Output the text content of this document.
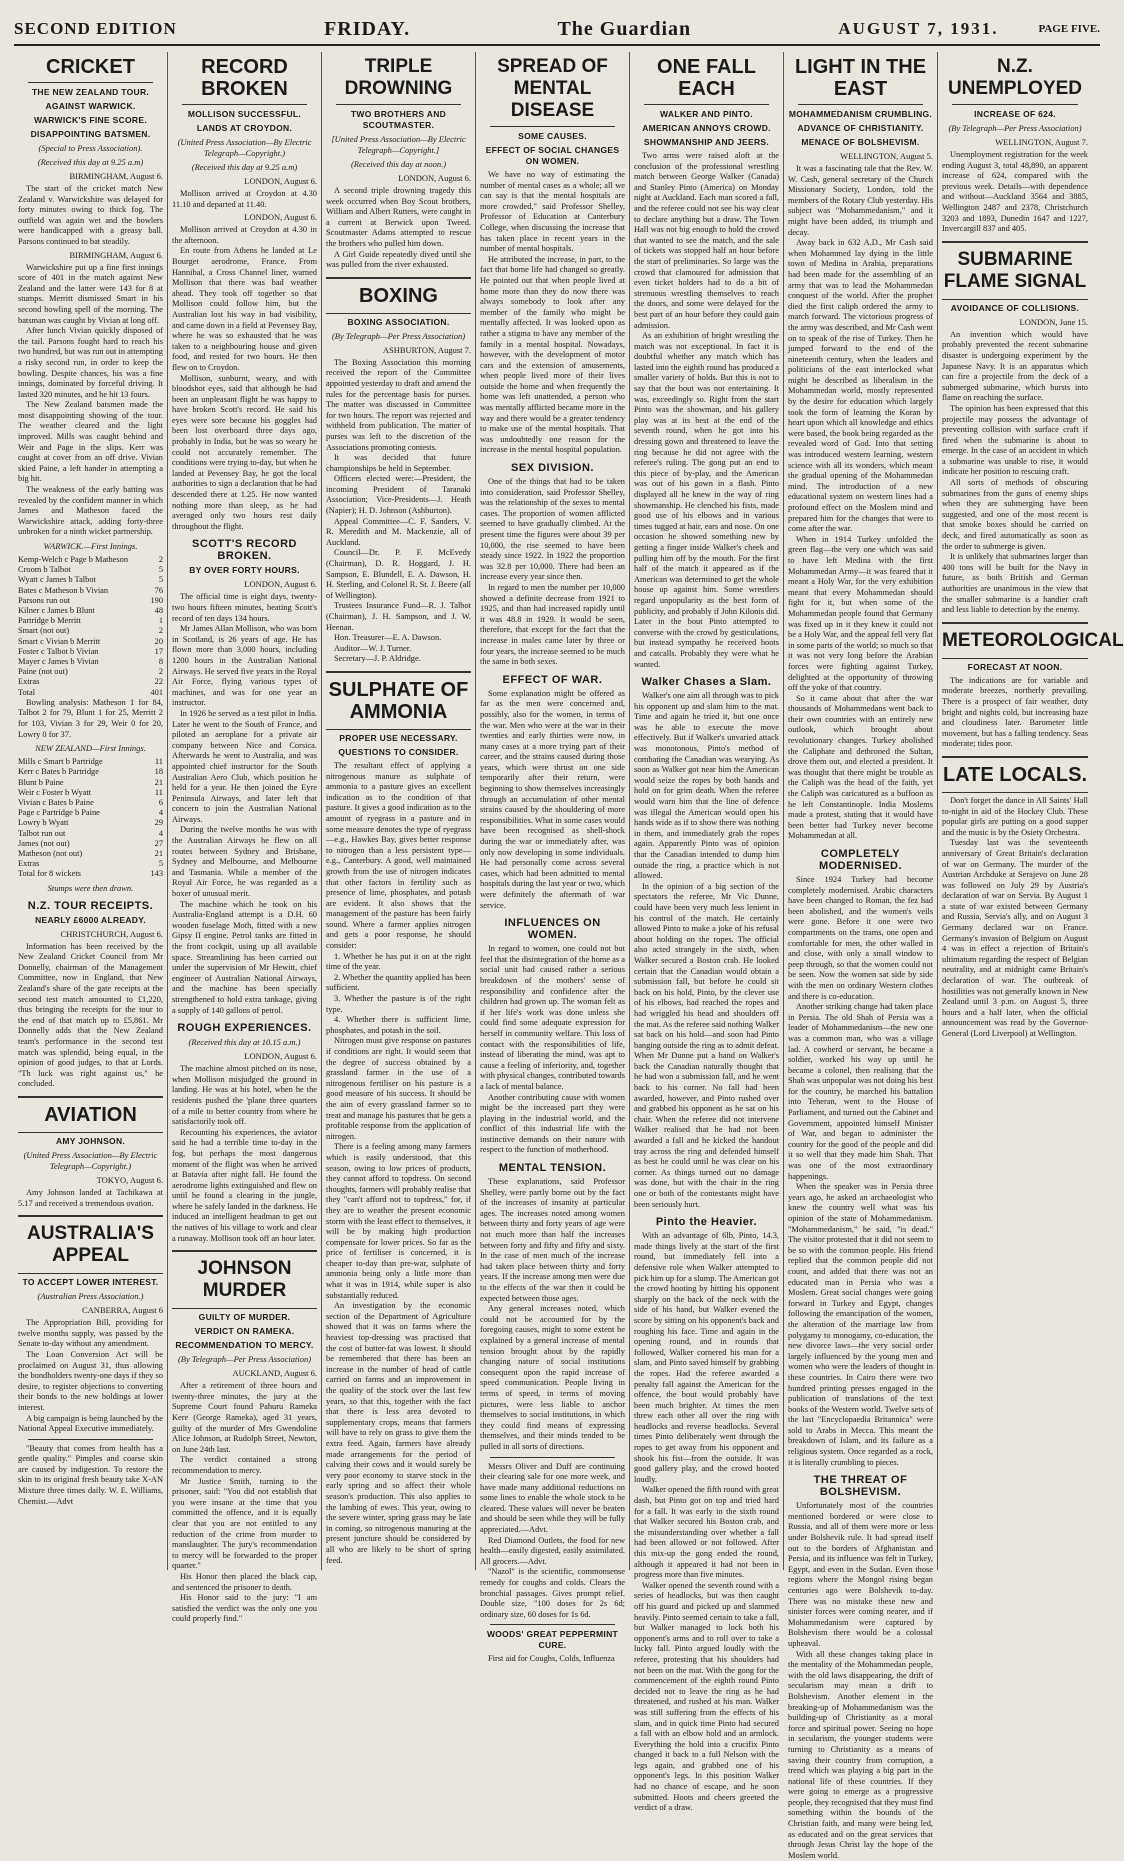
SECOND EDITION	FRIDAY.	The Guardian	AUGUST 7, 1931.	PAGE FIVE.
CRICKET
THE NEW ZEALAND TOUR.
AGAINST WARWICK.
WARWICK'S FINE SCORE.
DISAPPOINTING BATSMEN.
(Special to Press Association).
(Received this day at 9.25 a.m)
BIRMINGHAM, August 6.

The start of the cricket match New Zealand v. Warwickshire was delayed for forty minutes owing to thick fog. The outfield was again wet and the bowlers were handicapped with a greasy ball. Parsons continued to bat steadily.

BIRMINGHAM, August 6.

Warwickshire put up a fine first innings score of 401 in the match against New Zealand and the latter were 143 for 8 at stumps. Merritt dismissed Smart in his second bowling spell of the morning. The batsman was caught by Vivian at long off.

After lunch Vivian quickly disposed of the tail. Parsons fought hard to reach his two hundred, but was run out in attempting a risky second run, in order to keep the bowling. Despite chances, his was a fine innings, dominated by forceful driving. It lasted 320 minutes, and he hit 13 fours.

The New Zealand batsmen made the most disappointing showing of the tour. The weather cleared and the light improved. Mills was caught behind and Weir and Page in the slips. Kerr was caught at cover from an off drive. Vivian skied Paine, a left hander in attempting a big hit.

The weakness of the early batting was revealed by the confident manner in which James and Matheson faced the Warwickshire attack, adding forty-three unbroken for a ninth wicket partnership.

WARWICK.—First Innings.
Kemp-Welch c Page b Matheson	2
Croom b Talbot	5
Wyatt c James b Talbot	5
Bates c Matheson b Vivian	76
Parsons run out	190
Kilner c James b Blunt	48
Partridge b Merritt	1
Smart (not out)	2
Smart c Vivian b Merritt	20
Foster c Talbot b Vivian	17
Mayer c James b Vivian	8
Paine (not out)	2
Extras	22
Total	401

Bowling analysis: Matheson 1 for 84, Talbot 2 for 79, Blunt 1 for 25, Merritt 2 for 103, Vivian 3 for 29, Weir 0 for 20, Lowry 0 for 37.

NEW ZEALAND—First Innings.
Mills c Smart b Partridge	11
Kerr c Bates b Partridge	18
Blunt b Paine	21
Weir c Foster b Wyatt	11
Vivian c Bates b Paine	6
Page c Partridge b Paine	4
Lowry b Wyatt	29
Talbot run out	4
James (not out)	27
Matheson (not out)	21
Extras	5
Total for 8 wickets	143
Stumps were then drawn.
N.Z. TOUR RECEIPTS.
NEARLY £6000 ALREADY.
CHRISTCHURCH, August 6.

Information has been received by the New Zealand Cricket Council from Mr Donnelly, chairman of the Management Committee, now in England, that New Zealand's share of the gate receipts at the second test match amounted to £1,220, thus bringing the receipts for the tour to the end of that match up to £5,861. Mr Donnelly adds that the New Zealand team's performance in the second test match was splendid, being equal, in the opinion of good judges, to that at Lords. "Th luck was right against us," he concluded.

AVIATION
AMY JOHNSON.
(United Press Association—By Electric Telegraph—Copyright.)
TOKYO, August 6.

Amy Johnson landed at Tachikawa at 5.17 and received a tremendous ovation.

AUSTRALIA'S APPEAL
TO ACCEPT LOWER INTEREST.
(Australian Press Association.)
CANBERRA, August 6

The Appropriation Bill, providing for twelve months supply, was passed by the Senate to-day without any amendment.

The Loan Conversion Act will be proclaimed on August 31, thus allowing the bondholders twenty-one days if they so desire, to register objections to converting their bonds to the new holdings at lower interest.

A big campaign is being launched by the National Appeal Executive immediately.

"Beauty that comes from health has a gentle quality." Pimples and coarse skin are caused by indigestion. To restore the skin to its original fresh beauty take X-AN Mixture three times daily. W. E. Williams, Chemist.—Advt

RECORD BROKEN
MOLLISON SUCCESSFUL.
LANDS AT CROYDON.
(United Press Association—By Electric Telegraph—Copyright.)
(Received this day at 9.25 a.m)
LONDON, August 6.

Mollison arrived at Croydon at 4.30 11.10 and departed at 11.40.

LONDON, August 6.

Mollison arrived at Croydon at 4.30 in the afternoon.

En route from Athens he landed at Le Bourget aerodrome, France. From Hannibal, a Cross Channel liner, warned Mollison that there was bad weather ahead. They took off together so that Mollison could follow him, but the Australian lost his way in bad visibility, and came down in a field at Pevensey Bay, where he was so exhausted that he was taken to a neighbouring house and given food, and rested for two hours. He then flew on to Croydon.

Mollison, sunburnt, weary, and with bloodshot eyes, said that although he had been an unpleasant flight he was happy to have broken Scott's record. He said his eyes were sore because his goggles had been lost overboard three days ago, probably in India, but he was so weary he could not accurately remember. The conditions were trying to-day, but when he landed at Pevensey Bay, he got the local authorities to sign a declaration that he had descended there at 1.25. He now wanted nothing more than sleep, as he had averaged only two hours rest daily throughout the flight.

SCOTT'S RECORD BROKEN.
BY OVER FORTY HOURS.
LONDON, August 6.

The official time is eight days, twenty-two hours fifteen minutes, beating Scott's record of ten days 134 hours.

Mr James Allan Mollison, who was born in Scotland, is 26 years of age. He has flown more than 3,000 hours, including 1200 hours in the Australian National Airways. He served five years in the Royal Air Force, flying various types of machines, and was for one year an instructor.

In 1926 he served as a test pilot in India. Later he went to the South of France, and piloted an aeroplane for a private air company between Nice and Corsica. Afterwards he went to Australia, and was appointed chief instructor for the South Australian Aero Club, which position he held for a year. He then joined the Eyre Peninsula Airways, and later left that concern to join the Australian National Airways.

During the twelve months he was with the Australian Airways he flew on all routes between Sydney and Brisbane, Sydney and Melbourne, and Melbourne and Tasmania. While a member of the Royal Air Force, he was regarded as a boxer of unusual merit.

The machine which he took on his Australia-England attempt is a D.H. 60 wooden fuselage Moth, fitted with a new Gipsy II engine. Petrol tanks are fitted in the front cockpit, using up all available space. Streamlining has been carried out under the supervision of Mr Hewitt, chief engineer of Australian National Airways, and the machine has been specially strengthened to hold extra tankage, giving a supply of 140 gallons of petrol.

ROUGH EXPERIENCES.
(Received this day at 10.15 a.m.)
LONDON, August 6.

The machine almost pitched on its nose, when Mollison misjudged the ground in landing. He was at his hotel, when he the residents pushed the 'plane three quarters of a mile to better country from where he satisfactorily took off.

Recounting his experiences, the aviator said he had a terrible time to-day in the fog, but perhaps the most dangerous moment of the flight was when he arrived at Batavia after night fall. He found the aerodrome lights extinguished and flew on until he found a clearing in the jungle, where he safely landed in the darkness. He induced an intelligent headman to get out the natives of his village to work and clear a runaway. Mollison took off an hour later.

JOHNSON MURDER
GUILTY OF MURDER.
VERDICT ON RAMEKA.
RECOMMENDATION TO MERCY.
(By Telegraph—Per Press Association)
AUCKLAND, August 6.

After a retirement of three hours and twenty-three minutes, the jury at the Supreme Court found Pahuru Rameka Kere (George Rameka), aged 31 years, guilty of the murder of Mrs Gwendoline Alice Johnson, at Rudolph Street, Newton, on June 24th last.

The verdict contained a strong recommendation to mercy.

Mr Justice Smith, turning to the prisoner, said: "You did not establish that you were insane at the time that you committed the offence, and it is equally clear that you are not entitled to any reduction of the crime from murder to manslaughter. The jury's recommendation to mercy will be forwarded to the proper quarter."

His Honor then placed the black cap, and sentenced the prisoner to death.

His Honor said to the jury: "I am satisfied the verdict was the only one you could properly find."

TRIPLE DROWNING
TWO BROTHERS AND SCOUTMASTER.
[United Press Association—By Electric Telegraph—Copyright.]
(Received this day at noon.)
LONDON, August 6.

A second triple drowning tragedy this week occurred when Boy Scout brothers, William and Albert Rutters, were caught in a current at Berwick upon Tweed. Scoutmaster Adams attempted to rescue the brothers who pulled him down.

A Girl Guide repeatedly dived until she was pulled from the river exhausted.

BOXING
BOXING ASSOCIATION.
(By Telegraph—Per Press Association)
ASHBURTON, August 7.

The Boxing Association this morning received the report of the Committee appointed yesterday to draft and amend the rules for the percentage basis for purses. The matter was discussed in Committee for two hours. The report was rejected and withheld from publication. The matter of purses was left to the discretion of the Associations promoting contests.

It was decided that future championships be held in September.

Officers elected were:—President, the incoming President of Taranaki Association; Vice-Presidents—J. Heath (Napier); H. D. Johnson (Ashburton).

Appeal Committee—C. F. Sanders, V. R. Meredith and M. Mackenzie, all of Auckland.

Council—Dr. P. F. McEvedy (Chairman), D. R. Hoggard, J. H. Sampson, E. Blundell, E. A. Dawson, H. H. Sterling, and Colonel R. St. J. Beere (all of Wellington).

Trustees Insurance Fund—R. J. Talbot (Chairman), J. H. Sampson, and J. W. Heenan.

Hon. Treasurer—E. A. Dawson.

Auditor—W. J. Turner.

Secretary—J. P. Aldridge.

SULPHATE OF AMMONIA
PROPER USE NECESSARY.
QUESTIONS TO CONSIDER.

The resultant effect of applying a nitrogenous manure as sulphate of ammonia to a pasture gives an excellent indication as to the condition of that pasture. It gives a good indication as to the amount of ryegrass in a pasture and in some measure denotes the type of ryegrass—e.g., Hawkes Bay, gives better response to nitrogen than a less persistent type—e.g., Canterbury. A good, well maintained growth from the use of nitrogen indicates that other factors in fertility such as presence of lime, phosphates, and potash are evident. It also shows that the management of the pasture has been fairly sound. Where a farmer applies nitrogen and gets a poor response, he should consider:

1. Whether he has put it on at the right time of the year.

2. Whether the quantity applied has been sufficient.

3. Whether the pasture is of the right type.

4. Whether there is sufficient lime, phosphates, and potash in the soil.

Nitrogen must give response on pastures if conditions are right. It would seem that the degree of success obtained by a grassland farmer in the use of a nitrogenous fertiliser on his pasture is a good measure of his success. It should be the aim of every grassland farmer so to treat and manage his pastures that he gets a profitable response from the application of nitrogen.

There is a feeling among many farmers which is easily understood, that this season, owing to low prices of products, they cannot afford to topdress. On second thoughts, farmers will probably realise that they "can't afford not to topdress," for, if they are to weather the present economic storm with the least effect to themselves, it will be by making high production compensate for lower prices. So far as the price of fertiliser is concerned, it is cheaper to-day than pre-war, sulphate of ammonia being only a little more than what it was in 1914, while super is also substantially reduced.

An investigation by the economic section of the Department of Agriculture showed that it was on farms where the heaviest top-dressing was practised that the cost of butter-fat was lowest. It should be remembered that there has been an increase in the number of head of cattle carried on farms and an improvement in the quality of the stock over the last few years, so that this, together with the fact that there is less area devoted to supplementary crops, means that farmers will have to rely on grass to give them the extra feed. Again, farmers have already made arrangements for the period of calving their cows and it would surely be very poor economy to starve stock in the early spring and so affect their whole season's production. This also applies to the lambing of ewes. This year, owing to the severe winter, spring grass may be late in coming, so nitrogenous manuring at the present juncture should be considered by all who are likely to be short of spring feed.

SPREAD OF MENTAL DISEASE
SOME CAUSES.
EFFECT OF SOCIAL CHANGES ON WOMEN.

We have no way of estimating the number of mental cases as a whole; all we can say is that the mental hospitals are more crowded," said Professor Shelley, Professor of Education at Canterbury College, when discussing the increase that has taken place in recent years in the number of mental hospitals.

He attributed the increase, in part, to the fact that home life had changed so greatly. He pointed out that when people lived at home more than they do now there was always somebody to look after any member of the family who might be mentally affected. It was looked upon as rather a stigma to have any member of the family in a mental hospital. Nowadays, however, with the development of motor cars and the extension of amusements, when people lived more of their lives outside the home and when frequently the home was left unattended, a person who was mentally afflicted became more in the way and there would be a greater tendency to make use of the mental hospitals. That was undoubtedly one reason for the increase in the mental hospital population.

SEX DIVISION.

One of the things that had to be taken into consideration, said Professor Shelley, was the relationship of the sexes to mental cases. The proportion of women afflicted seemed to have gradually climbed. At the present time the figures were about 39 per 10,000, the rise seemed to have been steady since 1922. In 1922 the proportion was 32.8 per 10,000. There had been an increase every year since then.

In regard to men the number per 10,000 showed a definite decrease from 1921 to 1925, and than had increased rapidly until it was 48.8 in 1929. It would be seen, therefore, that except for the fact that the increase in males came later by three or four years, the increase seemed to be much the same in both sexes.

EFFECT OF WAR.

Some explanation might be offered as far as the men were concerned and, possibly, also for the women, in terms of the war. Men who were at the war in their twenties and early thirties were now, in many cases at a more trying part of their career, and the strains caused during those years, which were thrust on one side temporarily after their return, were beginning to show themselves increasingly through an accumulation of other mental strains caused by the shouldering of more responsibilities. What in some cases would have been recognised as shell-shock during the war or immediately after, was only now developing in some individuals. He had personally come across several cases, which had been admitted to mental hospitals during the last year or two, which were definitely the aftermath of war service.

INFLUENCES ON WOMEN.

In regard to women, one could not but feel that the disintegration of the home as a social unit had caused rather a serious breakdown of the mothers' sense of responsibility and confidence after the children had grown up. The woman felt as if her life's work was done unless she could find some adequate expression for herself in community welfare. This loss of contact with the responsibilities of life, instead of liberating the mind, was apt to cause a feeling of inferiority, and, together with physical changes, contributed towards a lack of mental balance.

Another contributing cause with women might be the increased part they were playing in the industrial world, and the conflict of this industrial life with the instinctive demands on their nature with respect to the function of motherhood.

MENTAL TENSION.

These explanations, said Professor Shelley, were partly borne out by the fact of the increases of insanity at particular ages. The increases noted among women between thirty and forty years of age were not much more than half the increases between forty and fifty and fifty and sixty. In the case of men much of the increase had taken place between thirty and forty years. If the increase among men were due to the effects of the war then it could be expected between those ages.

Any general increases noted, which could not be accounted for by the foregoing causes, might to some extent be explained by a general increase of mental tension brought about by the rapidly changing nature of social institutions consequent upon the rapid increase of speed communication. People living in terms of speed, in terms of moving pictures, were less liable to anchor themselves to social institutions, in which they could find means of expressing themselves, and their minds tended to be pulled in all sorts of directions.

Messrs Oliver and Duff are continuing their clearing sale for one more week, and have made many additional reductions on some lines to enable the whole stock to be cleared. These values will never be beaten and should be seen while they will be fully appreciated.—Advt.

Red Diamond Outlets, the food for new health—easily digested, easily assimilated. All grocers.—Advt.

"Nazol" is the scientific, commonsense remedy for coughs and colds. Clears the bronchial passages. Gives prompt relief. Double size, "100 doses for 2s 6d; ordinary size, 60 doses for 1s 6d.

WOODS' GREAT PEPPERMINT CURE.

First aid for Coughs, Colds, Influenza

ONE FALL EACH
WALKER AND PINTO.
AMERICAN ANNOYS CROWD.
SHOWMANSHIP AND JEERS.

Two arms were raised aloft at the conclusion of the professional wrestling match between George Walker (Canada) and Stanley Pinto (America) on Monday night at Auckland. Each man scored a fall, and the referee could not see his way clear to declare anything but a draw. The Town Hall was not big enough to hold the crowd that wanted to see the match, and the sale of tickets was stopped half an hour before the start of preliminaries. So large was the crowd that clamoured for admission that even ticket holders had to do a bit of strenuous wrestling themselves to reach the doors, and some were delayed for the best part of an hour before they could gain admission.

As an exhibition of bright wrestling the match was not exceptional. In fact it is doubtful whether any match which has lasted into the eighth round has produced a smaller variety of holds. But this is not to say that the bout was not entertaining. It was, exceedingly so. Right from the start Pinto was the showman, and his gallery play was at its best at the end of the seventh round, when he got into his dressing gown and threatened to leave the ring because he did not agree with the referee's ruling. The gong put an end to this piece of by-play, and the American was out of his gown in a flash. Pinto displayed all he knew in the way of ring showmanship. He clenched his fists, made good use of his elbows and in various times tugged at hair, ears and nose. On one occasion he showed something new by getting a finger inside Walker's cheek and pulling him off by the mouth. For the first half of the match it appeared as if the American was determined to get the whole house up against him. Some wrestlers regard unpopularity as the best form of publicity, and probably if John Kilonis did. Later in the bout Pinto attempted to converse with the crowd by gesticulations, but instead sympathy he received hoots and catcalls. Probably they were what he wanted.

Walker Chases a Slam.

Walker's one aim all through was to pick his opponent up and slam him to the mat. Time and again he tried it, but one once was he able to execute the move effectively. But if Walker's unvaried attack was monotonous, Pinto's method of combating the Canadian was wearying. As soon as Walker got near him the American would seize the ropes by both hands and hold on for grim death. When the referee would warn him that the line of defence was illegal the American would open his hands wide as if to show there was nothing in them, and immediately grab the ropes again. Apparently Pinto was of opinion that the Canadian intended to dump him outside the ring, a practice which is not allowed.

In the opinion of a big section of the spectators the referee, Mr Vic Dunne, could have been very much less lenient in his control of the match. He certainly allowed Pinto to make a joke of his refusal about holding on the ropes. The official also acted strangely in the sixth, when Walker secured a Boston crab. He looked certain that the Canadian would obtain a submission fall, but before he could sit back on his hold, Pinto, by the clever use of his elbows, had reached the ropes and had wriggled his head and shoulders off the mat. As the referee said nothing Walker sat back on his hold—and soon had Pinto banging outside the ring as to admit defeat. When Mr Dunne put a hand on Walker's back the Canadian naturally thought that he had won a submission fall, and he went back to his corner. No fall had been awarded, however, and Pinto rushed over and grabbed his opponent as he sat on his chair. When the referee did not intervene Walker realised that he had not been awarded a fall and he kicked the handout tray across the ring and defended himself as best he could until he was clear on his corner. As things turned out no damage was done, but with the chair in the ring one or both of the contestants might have been seriously hurt.

Pinto the Heavier.

With an advantage of 6lb, Pinto, 14.3, made things lively at the start of the first round, but immediately fell into a defensive role when Walker attempted to pick him up for a slump. The American got the crowd hooting by hitting his opponent sharply on the back of the neck with the side of his hand, but Walker evened the score by sitting on his opponent's back and roughing his face. Time and again in the opening round, and in rounds that followed, Walker cornered his man for a slam, and Pinto saved himself by grabbing the ropes. Had the referee awarded a penalty fall against the American for the offence, the bout would probably have been much brighter. At times the men threw each other all over the ring with headlocks and reverse headlocks. Several times Pinto deliberately went through the ropes to get away from his opponent and shook his fist—from the outside. It was good gallery play, and the crowd hooted loudly.

Walker opened the fifth round with great dash, but Pinto got on top and tried hard for a fall. It was early in the sixth round that Walker secured his Boston crab, and the misunderstanding over whether a fall had been allowed or not followed. After this mix-up the gong ended the round, although it appeared it had not been in progress more than five minutes.

Walker opened the seventh round with a series of headlocks, but was then caught off his guard and picked up and slammed heavily. Pinto seemed certain to take a fall, but Walker managed to lock both his opponent's arms and to roll over to take a lucky fall. Pinto argued loudly with the referee, protesting that his shoulders had not been on the mat. With the gong for the commencement of the eighth round Pinto decided not to leave the ring as he had threatened, and rushed at his man. Walker was still suffering from the effects of his slam, and in quick time Pinto had secured a fall with an elbow hold and an armlock. Everything the hold into a crucifix Pinto changed it back to a full Nelson with the legs again, and grabbed one of his opponent's legs. In this position Walker had no chance of escape, and he soon submitted. Hoots and cheers greeted the verdict of a draw.

LIGHT IN THE EAST
MOHAMMEDANISM CRUMBLING.
ADVANCE OF CHRISTIANITY.
MENACE OF BOLSHEVISM.
WELLINGTON, August 5.

It was a fascinating tale that the Rev. W. W. Cash, general secretary of the Church Missionary Society, London, told the members of the Rotary Club yesterday. His subject was "Mohammedanism," and it might have been added, its triumph and decay.

Away back in 632 A.D., Mr Cash said when Mohammed lay dying in the little town of Medina in Arabia, preparations had been made for the assembling of an army that was to lead the Mohammedan conquest of the world. After the prophet died the first caliph ordered the army to march forward. The victorious progress of the army was described, and Mr Cash went on to speak of the rise of Turkey. Then he jumped forward to the end of the nineteenth century, when the leaders and politicians of the east interlocked what might be described as liberalism in the Mohammedan world, mostly represented by the desire for education which largely took the form of learning the Koran by heart upon which all knowledge and ethics were based, the book being regarded as the revealed word of God. Into that setting was introduced western learning, western science with all its wonders, which meant the gradual opening of the Mohammedan mind. The introduction of a new educational system on western lines had a profound effect on the Moslem mind and prepared him for the changes that were to come after the war.

When in 1914 Turkey unfolded the green flag—the very one which was said to have left Medina with the first Mohammedan Army—it was feared that it meant a Holy War, for the very exhibition meant that every Mohammedan should fight for it, but when some of the Mohammedan people found that Germany was fixed up in it they knew it could not be a Holy War, and the appeal fell very flat in some parts of the world; so much so that it was not very long before the Arabian forces were fighting against Turkey, delighted at the opportunity of throwing off the yoke of that country.

So it came about that after the war thousands of Mohammedans went back to their own countries with an entirely new outlook, which brought about revolutionary changes. Turkey abolished the Caliphate and dethroned the Sultan, drove them out, and elected a president. It was thought that there might be trouble as the Caliph was the head of the faith, yet the Caliph was caricatured as a buffoon as he left Constantinople. India Moslems made a protest, stating that it would have been better had Turkey never become Mohammedan at all.

COMPLETELY MODERNISED.

Since 1924 Turkey had become completely modernised. Arabic characters have been changed to Roman, the fez had been abolished, and the women's veils were gone. Before it one were two compartments on the trams, one open and comfortable for men, the other walled in and close, with only a small window to peep through, so that the women could not be seen. Now the women sat side by side with the men on ordinary Western clothes and there is co-education.

Another striking change had taken place in Persia. The old Shah of Persia was a leader of Mohammedanism—the new one was a common man, who was a village lad. A cowherd or servant, he became a soldier, worked his way up until he became a colonel, then realising that the Shah was unpopular was not doing his best for the country, he marched his battalion into Teheran, went to the House of Parliament, and turned out the Cabinet and Government, appointed himself Minister of War, and began to administer the country for the good of the people and did it so well that they made him Shah. That was one of the most extraordinary happenings.

When the speaker was in Persia three years ago, he asked an archaeologist who knew the country well what was his opinion of the state of Mohammedanism. "Mohammedanism," he said, "is dead." The visitor protested that it did not seem to be so with the common people. His friend replied that the common people did not count, and added that there was not an educated man in Persia who was a Moslem. Great social changes were going forward in Turkey and Egypt, changes following the emancipation of the women, the alteration of the marriage law from polygamy to monogamy, co-education, the new divorce laws—the very social order largely influenced by the young men and women who were the leaders of thought in these countries. In Cairo there were two hundred printing presses engaged in the publication of translations of the text books of the Western world. Twelve sets of the last "Encyclopaedia Britannica" were sold to Arabs in Mecca. This meant the breakdown of Islam, and its failure as a religious system. Once regarded as a rock, it is literally crumbling to pieces.

THE THREAT OF BOLSHEVISM.

Unfortunately most of the countries mentioned bordered or were close to Russia, and all of them were more or less under Bolshevik rule. It had spread itself out to the borders of Afghanistan and Persia, and its influence was felt in Turkey, Egypt, and even in the Sudan. Even those regions where the Mongol rising began centuries ago were Bolshevik to-day. There was no mistake these new and sinister forces were coming nearer, and if Mohammedanism were captured by Bolshevism there would be a colossal upheaval.

With all these changes taking place in the mentality of the Mohammedan people, with the old laws disappearing, the drift of secularism may mean a drift to Bolshevism. Another element in the breaking-up of Mohammedanism was the building-up of Christianity as a moral force and spiritual power. Seeing no hope in secularism, the younger students were turning to Christianity as a means of saving their country from corruption, a trend which was playing a big part in the national life of these countries. If they were going to emerge as a progressive people, they recognised that they must find something within the bounds of the Christian faith, and many were being led, as educated and on the great services that through Jesus Christ lay the hope of the Moslem world.

N.Z. UNEMPLOYED
INCREASE OF 624.
(By Telegraph—Per Press Association)
WELLINGTON, August 7.

Unemployment registration for the week ending August 3, total 48,890, an apparent increase of 624, compared with the previous week. Details—with dependence and without—Auckland 3564 and 3885, Wellington 2487 and 2378, Christchurch 3203 and 1893, Dunedin 1647 and 1227, Invercargill 837 and 405.

SUBMARINE FLAME SIGNAL
AVOIDANCE OF COLLISIONS.
LONDON, June 15.

An invention which would have probably prevented the recent submarine disaster is undergoing experiment by the Japanese Navy. It is an apparatus which can fire a projectile from the deck of a submerged submarine, which bursts into flame on reaching the surface.

The opinion has been expressed that this projectile may possess the advantage of preventing collision with surface craft if fired when the submarine is about to emerge. In the case of an accident in which a submarine was unable to rise, it would indicate her position to rescuing craft.

All sorts of methods of obscuring submarines from the guns of enemy ships when they are submerging have been suggested, and one of the most recent is that smoke boxes should be carried on deck, and fired automatically as soon as the order to submerge is given.

It is unlikely that submarines larger than 400 tons will be built for the Navy in future, as both British and German authorities are unanimous in the view that the smaller submarine is a handier craft and less liable to detection by the enemy.

METEOROLOGICAL
FORECAST AT NOON.

The indications are for variable and moderate breezes, northerly prevailing. There is a prospect of fair weather, duty bright and nights cold, but increasing haze and cloudiness later. Barometer little movement, but has a falling tendency. Seas moderate; tides poor.

LATE LOCALS.

Don't forget the dance in All Saints' Hall to-night in aid of the Hockey Club. These popular girls are putting on a good supper and the music is by the Osiety Orchestra.

Tuesday last was the seventeenth anniversary of Great Britain's declaration of war on Germany. The murder of the Austrian Archduke at Serajevo on June 28 was followed on July 29 by Austria's declaration of war on Servia. By August 1 a state of war existed between Germany and Russia, Servia's ally, and on August 3 Germany declared war on France. Germany's invasion of Belgium on August 4 was in effect a rejection of Britain's ultimatum regarding the respect of Belgian neutrality, and at midnight came Britain's declaration of war. The outbreak of hostilities was not generally known in New Zealand until 3 p.m. on August 5, three hours and a half later, when the official announcement was read by the Governor-General (Lord Liverpool) at Wellington.
